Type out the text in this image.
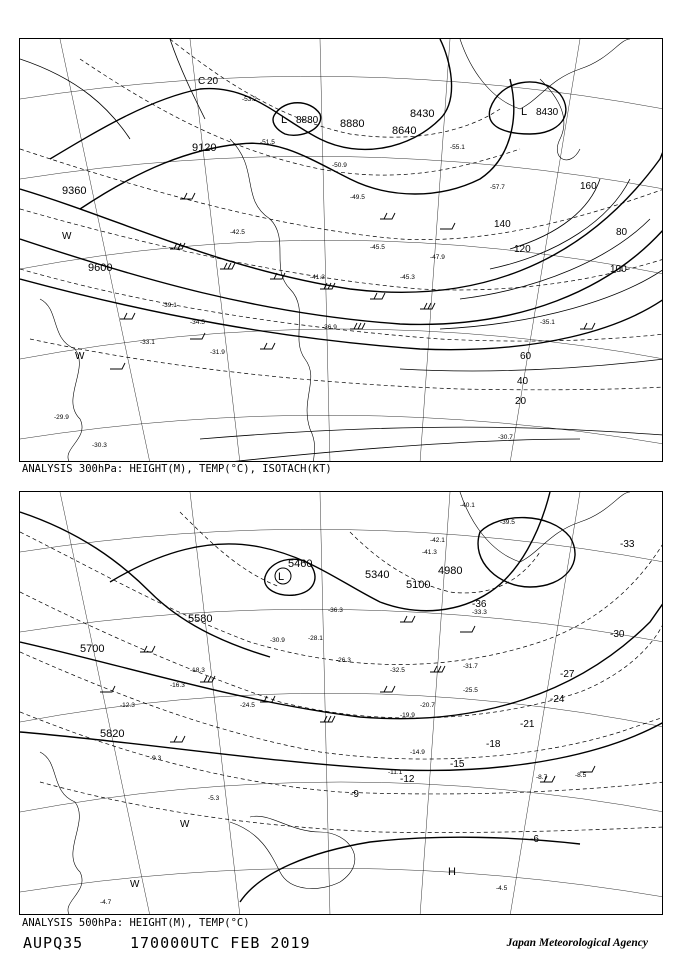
9120
8880
8640
8430
9360
9600
20
40
60
80
100
120
140
160
L 8880
L 8430
W
W
C 20
-53.2
-51.5
-50.9
-49.5
-45.5
-42.5
-41.3
-39.1
-36.9
-34.5
-30.3
-29.9
-55.1
-57.7
-47.9
-45.3
-35.1
-33.1
-31.9
-30.7
ANALYSIS 300hPa: HEIGHT(M), TEMP(°C), ISOTACH(KT)
5460
5340	4980
5100
5580
5700
5820
-36
-33
-30
-27
-24
-21
-18
-15
-12
-9
-6
L
W
W
H
-40.1
-39.5
-41.3
-42.1
-33.3
-31.7
-25.5
-20.7
-19.9
-14.9
-11.1
-8.7	-8.5
-4.7
-4.5
-5.3
-9.3
-12.3
-16.3
-18.3
-24.5
-26.3
-28.1
-30.9
-32.5
-36.3
ANALYSIS 500hPa: HEIGHT(M), TEMP(°C)
AUPQ35	170000UTC FEB 2019	Japan Meteorological Agency
